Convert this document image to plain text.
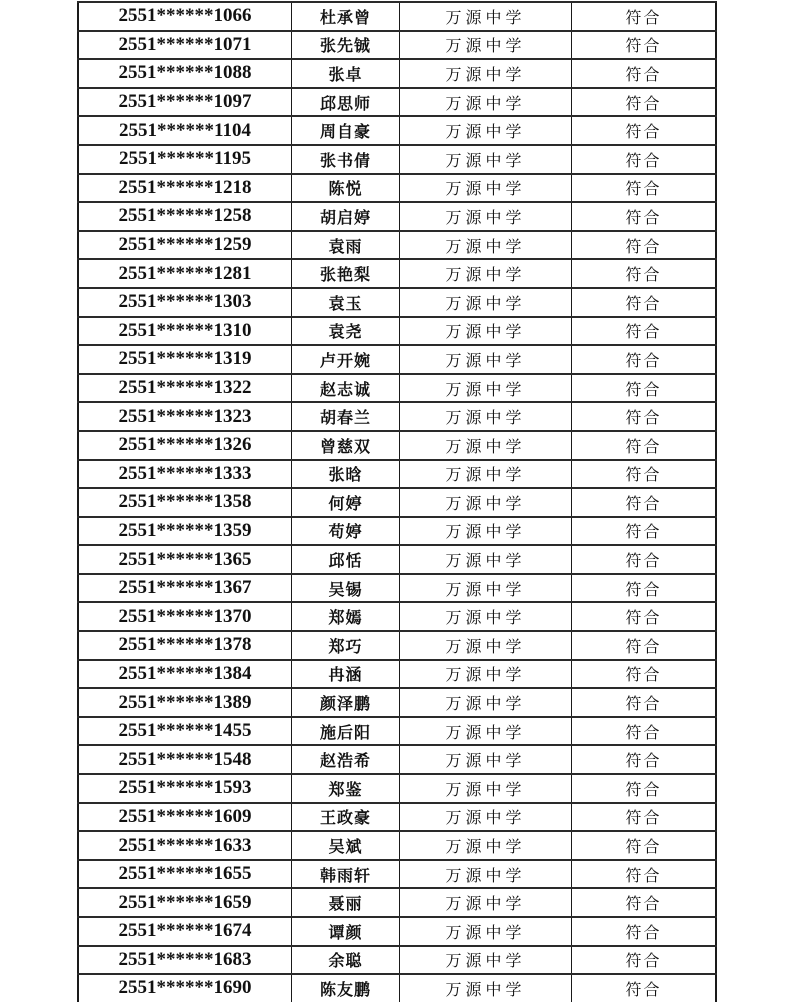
2551******1066	杜承曾	万源中学	符合
2551******1071	张先铖	万源中学	符合
2551******1088	张卓	万源中学	符合
2551******1097	邱思师	万源中学	符合
2551******1104	周自豪	万源中学	符合
2551******1195	张书倩	万源中学	符合
2551******1218	陈悦	万源中学	符合
2551******1258	胡启婷	万源中学	符合
2551******1259	袁雨	万源中学	符合
2551******1281	张艳梨	万源中学	符合
2551******1303	袁玉	万源中学	符合
2551******1310	袁尧	万源中学	符合
2551******1319	卢开婉	万源中学	符合
2551******1322	赵志诚	万源中学	符合
2551******1323	胡春兰	万源中学	符合
2551******1326	曾慈双	万源中学	符合
2551******1333	张晗	万源中学	符合
2551******1358	何婷	万源中学	符合
2551******1359	苟婷	万源中学	符合
2551******1365	邱恬	万源中学	符合
2551******1367	吴锡	万源中学	符合
2551******1370	郑嫣	万源中学	符合
2551******1378	郑巧	万源中学	符合
2551******1384	冉涵	万源中学	符合
2551******1389	颜泽鹏	万源中学	符合
2551******1455	施后阳	万源中学	符合
2551******1548	赵浩希	万源中学	符合
2551******1593	郑鉴	万源中学	符合
2551******1609	王政豪	万源中学	符合
2551******1633	吴斌	万源中学	符合
2551******1655	韩雨轩	万源中学	符合
2551******1659	聂丽	万源中学	符合
2551******1674	谭颜	万源中学	符合
2551******1683	余聪	万源中学	符合
2551******1690	陈友鹏	万源中学	符合
